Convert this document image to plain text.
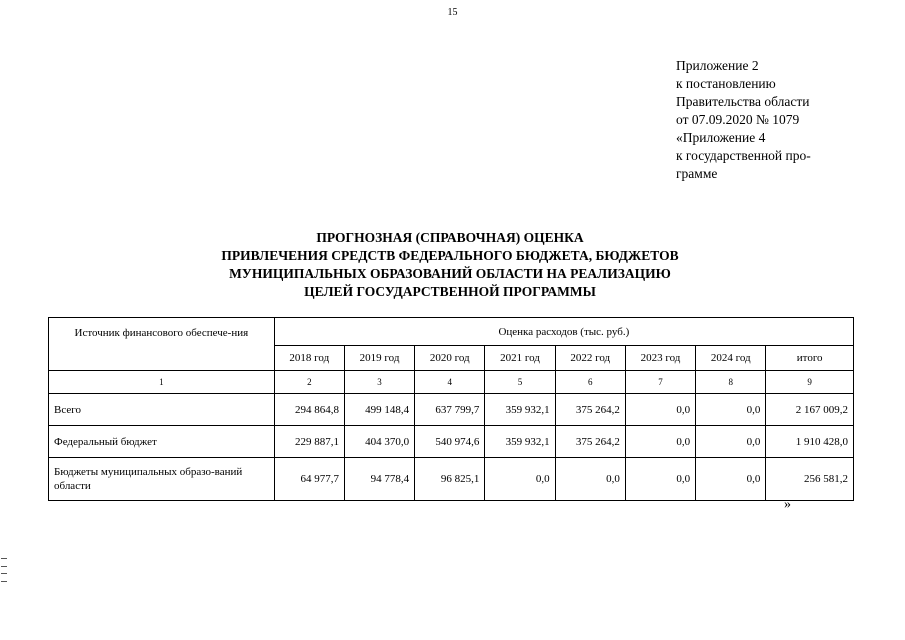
15
Приложение 2
к постановлению
Правительства области
от 07.09.2020 № 1079
«Приложение 4
к государственной про-
грамме
ПРОГНОЗНАЯ (СПРАВОЧНАЯ) ОЦЕНКА
ПРИВЛЕЧЕНИЯ СРЕДСТВ ФЕДЕРАЛЬНОГО БЮДЖЕТА, БЮДЖЕТОВ
МУНИЦИПАЛЬНЫХ ОБРАЗОВАНИЙ ОБЛАСТИ НА РЕАЛИЗАЦИЮ
ЦЕЛЕЙ ГОСУДАРСТВЕННОЙ ПРОГРАММЫ
Источник финансового обеспече-ния	Оценка расходов (тыс. руб.)							
	2018 год	2019 год	2020 год	2021 год	2022 год	2023 год	2024 год	итого
1	2	3	4	5	6	7	8	9
Всего	294 864,8	499 148,4	637 799,7	359 932,1	375 264,2	0,0	0,0	2 167 009,2
Федеральный бюджет	229 887,1	404 370,0	540 974,6	359 932,1	375 264,2	0,0	0,0	1 910 428,0
Бюджеты муниципальных образо-ваний области	64 977,7	94 778,4	96 825,1	0,0	0,0	0,0	0,0	256 581,2
»
